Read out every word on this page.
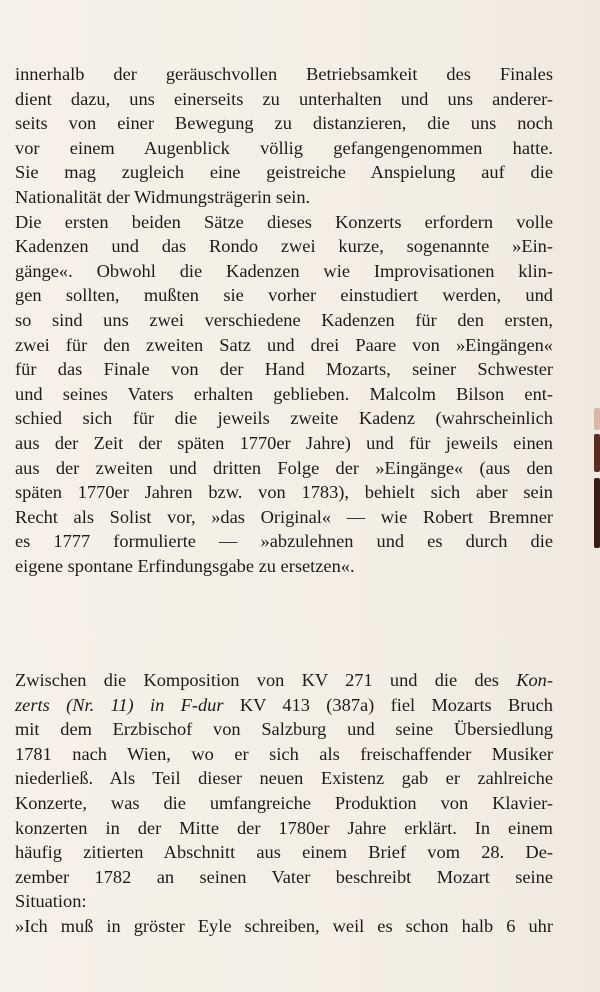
innerhalb der geräuschvollen Betriebsamkeit des Finales
dient dazu, uns einerseits zu unterhalten und uns anderer-
seits von einer Bewegung zu distanzieren, die uns noch
vor einem Augenblick völlig gefangengenommen hatte.
Sie mag zugleich eine geistreiche Anspielung auf die
Nationalität der Widmungsträgerin sein.
Die ersten beiden Sätze dieses Konzerts erfordern volle
Kadenzen und das Rondo zwei kurze, sogenannte »Ein-
gänge«. Obwohl die Kadenzen wie Improvisationen klin-
gen sollten, mußten sie vorher einstudiert werden, und
so sind uns zwei verschiedene Kadenzen für den ersten,
zwei für den zweiten Satz und drei Paare von »Eingängen«
für das Finale von der Hand Mozarts, seiner Schwester
und seines Vaters erhalten geblieben. Malcolm Bilson ent-
schied sich für die jeweils zweite Kadenz (wahrscheinlich
aus der Zeit der späten 1770er Jahre) und für jeweils einen
aus der zweiten und dritten Folge der »Eingänge« (aus den
späten 1770er Jahren bzw. von 1783), behielt sich aber sein
Recht als Solist vor, »das Original« — wie Robert Bremner
es 1777 formulierte — »abzulehnen und es durch die
eigene spontane Erfindungsgabe zu ersetzen«.
Zwischen die Komposition von KV 271 und die des Kon-
zerts (Nr. 11) in F-dur KV 413 (387a) fiel Mozarts Bruch
mit dem Erzbischof von Salzburg und seine Übersiedlung
1781 nach Wien, wo er sich als freischaffender Musiker
niederließ. Als Teil dieser neuen Existenz gab er zahlreiche
Konzerte, was die umfangreiche Produktion von Klavier-
konzerten in der Mitte der 1780er Jahre erklärt. In einem
häufig zitierten Abschnitt aus einem Brief vom 28. De-
zember 1782 an seinen Vater beschreibt Mozart seine
Situation:
»Ich muß in gröster Eyle schreiben, weil es schon halb 6 uhr
